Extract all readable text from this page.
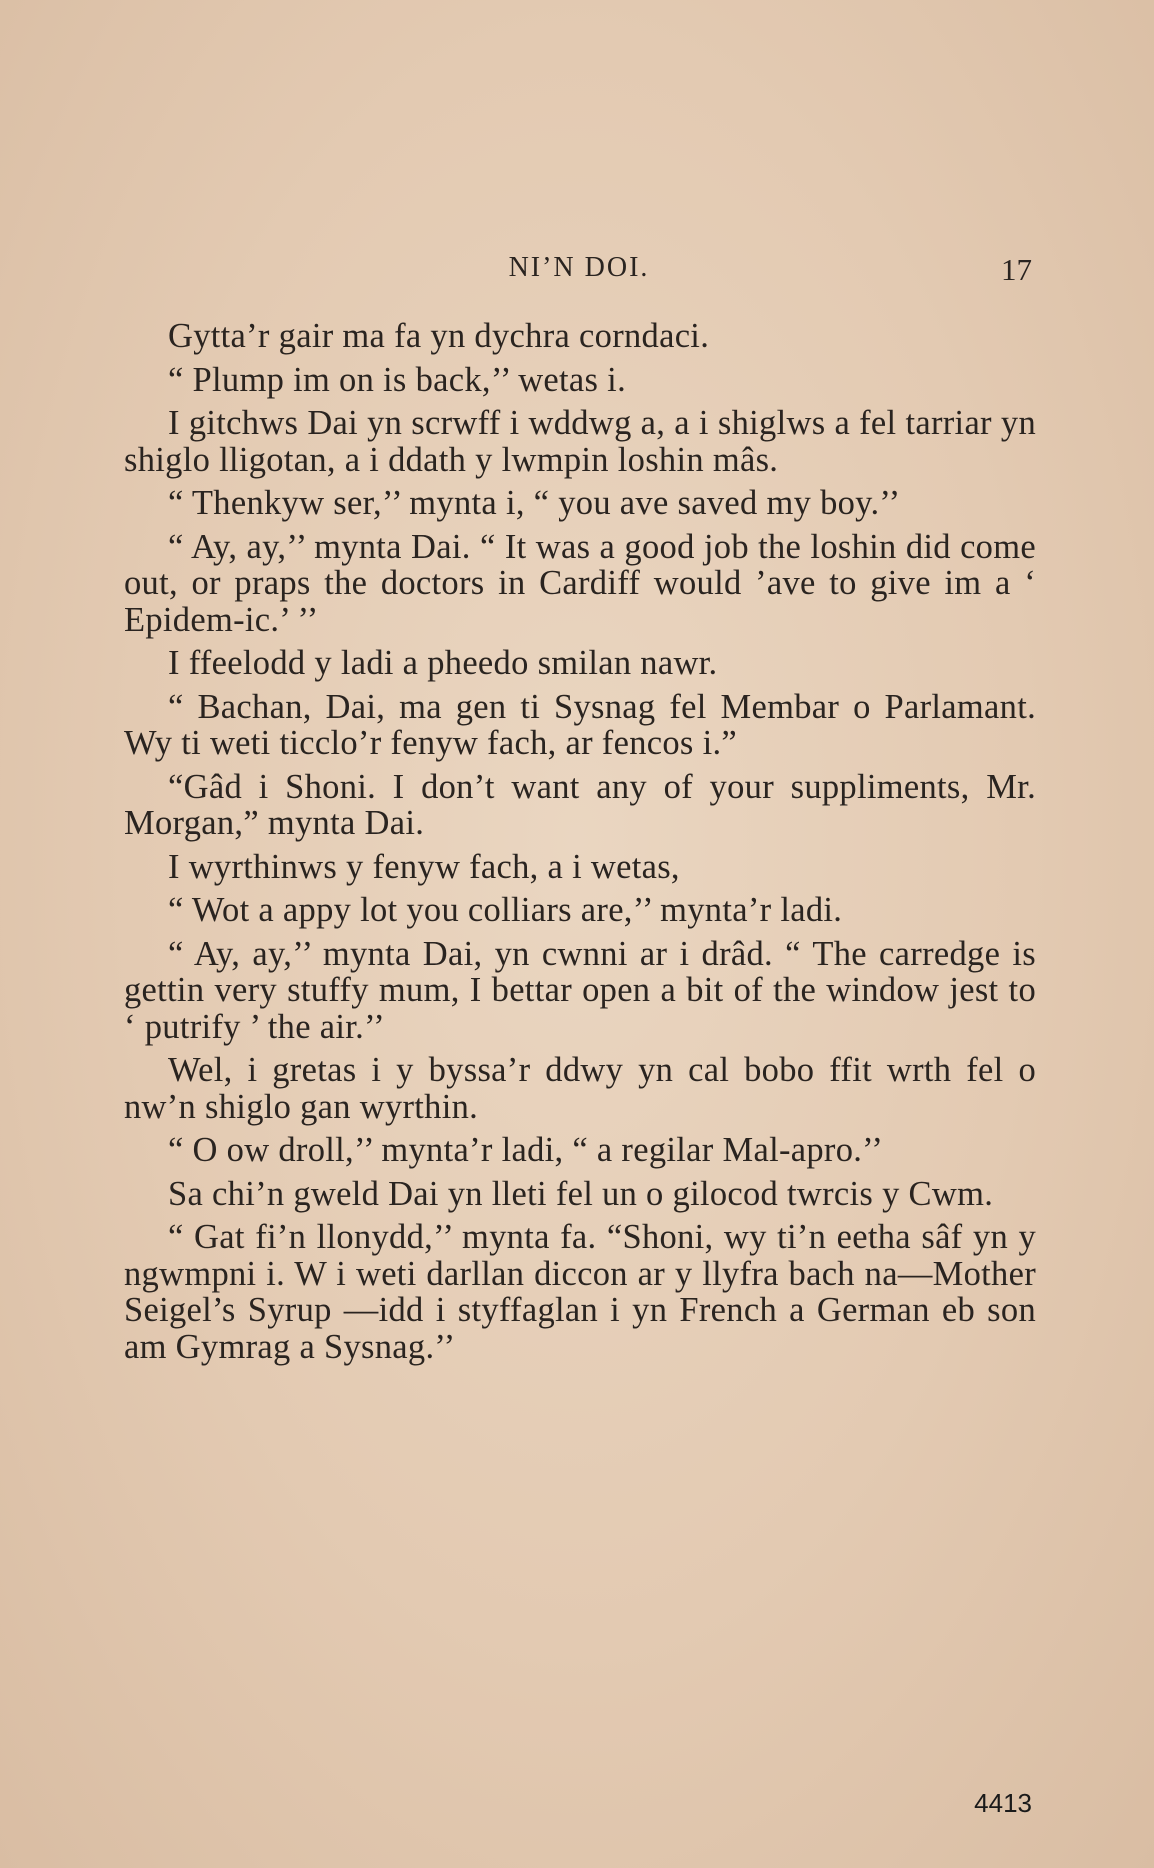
NI’N DOI.	17

Gytta’r gair ma fa yn dychra corndaci.

“ Plump im on is back,’’ wetas i.

I gitchws Dai yn scrwff i wddwg a, a i shiglws a fel tarriar yn shiglo lligotan, a i ddath y lwmpin loshin mâs.

“ Thenkyw ser,’’ mynta i, “ you ave saved my boy.’’

“ Ay, ay,’’ mynta Dai. “ It was a good job the loshin did come out, or praps the doctors in Cardiff would ’ave to give im a ‘ Epidem-ic.’ ’’

I ffeelodd y ladi a pheedo smilan nawr.

“ Bachan, Dai, ma gen ti Sysnag fel Membar o Parlamant. Wy ti weti ticclo’r fenyw fach, ar fencos i.”

“Gâd i Shoni. I don’t want any of your suppliments, Mr. Morgan,” mynta Dai.

I wyrthinws y fenyw fach, a i wetas,

“ Wot a appy lot you colliars are,’’ mynta’r ladi.

“ Ay, ay,’’ mynta Dai, yn cwnni ar i drâd. “ The carredge is gettin very stuffy mum, I bettar open a bit of the window jest to ‘ putrify ’ the air.’’

Wel, i gretas i y byssa’r ddwy yn cal bobo ffit wrth fel o nw’n shiglo gan wyrthin.

“ O ow droll,’’ mynta’r ladi, “ a regilar Mal-apro.’’

Sa chi’n gweld Dai yn lleti fel un o gilocod twrcis y Cwm.

“ Gat fi’n llonydd,’’ mynta fa. “Shoni, wy ti’n eetha sâf yn y ngwmpni i. W i weti darllan diccon ar y llyfra bach na—Mother Seigel’s Syrup —idd i styffaglan i yn French a German eb son am Gymrag a Sysnag.’’

4413
